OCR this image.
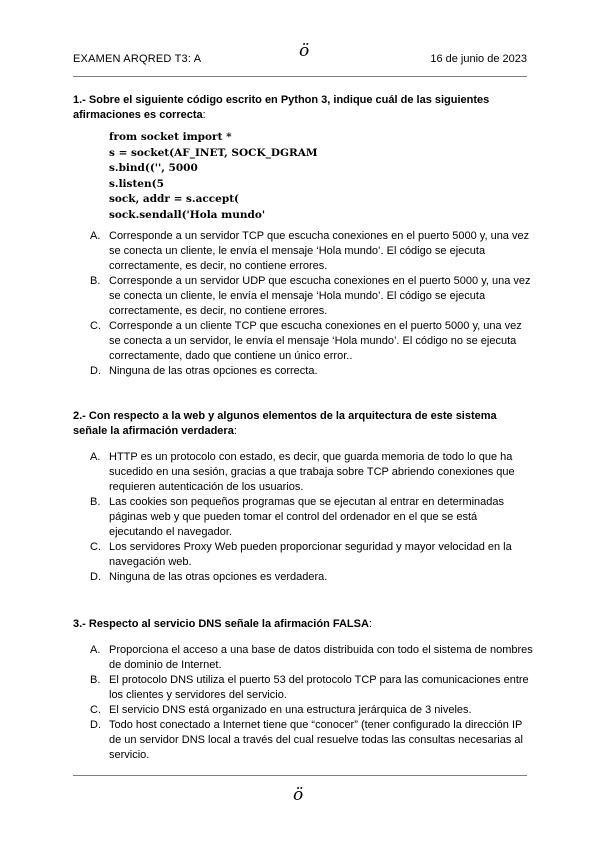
EXAMEN ARQRED T3: A	ö	16 de junio de 2023
1.- Sobre el siguiente código escrito en Python 3, indique cuál de las siguientes afirmaciones es correcta:
from socket import *
s = socket(AF_INET, SOCK_DGRAM
s.bind(('', 5000
s.listen(5
sock, addr = s.accept(
sock.sendall('Hola mundo'
A. Corresponde a un servidor TCP que escucha conexiones en el puerto 5000 y, una vez se conecta un cliente, le envía el mensaje ‘Hola mundo’. El código se ejecuta correctamente, es decir, no contiene errores.
B. Corresponde a un servidor UDP que escucha conexiones en el puerto 5000 y, una vez se conecta un cliente, le envía el mensaje ‘Hola mundo’. El código se ejecuta correctamente, es decir, no contiene errores.
C. Corresponde a un cliente TCP que escucha conexiones en el puerto 5000 y, una vez se conecta a un servidor, le envía el mensaje ‘Hola mundo’. El código no se ejecuta correctamente, dado que contiene un único error..
D. Ninguna de las otras opciones es correcta.
2.- Con respecto a la web y algunos elementos de la arquitectura de este sistema señale la afirmación verdadera:
A. HTTP es un protocolo con estado, es decir, que guarda memoria de todo lo que ha sucedido en una sesión, gracias a que trabaja sobre TCP abriendo conexiones que requieren autenticación de los usuarios.
B. Las cookies son pequeños programas que se ejecutan al entrar en determinadas páginas web y que pueden tomar el control del ordenador en el que se está ejecutando el navegador.
C. Los servidores Proxy Web pueden proporcionar seguridad y mayor velocidad en la navegación web.
D. Ninguna de las otras opciones es verdadera.
3.- Respecto al servicio DNS señale la afirmación FALSA:
A. Proporciona el acceso a una base de datos distribuida con todo el sistema de nombres de dominio de Internet.
B. El protocolo DNS utiliza el puerto 53 del protocolo TCP para las comunicaciones entre los clientes y servidores del servicio.
C. El servicio DNS está organizado en una estructura jerárquica de 3 niveles.
D. Todo host conectado a Internet tiene que “conocer” (tener configurado la dirección IP de un servidor DNS local a través del cual resuelve todas las consultas necesarias al servicio.
ö
